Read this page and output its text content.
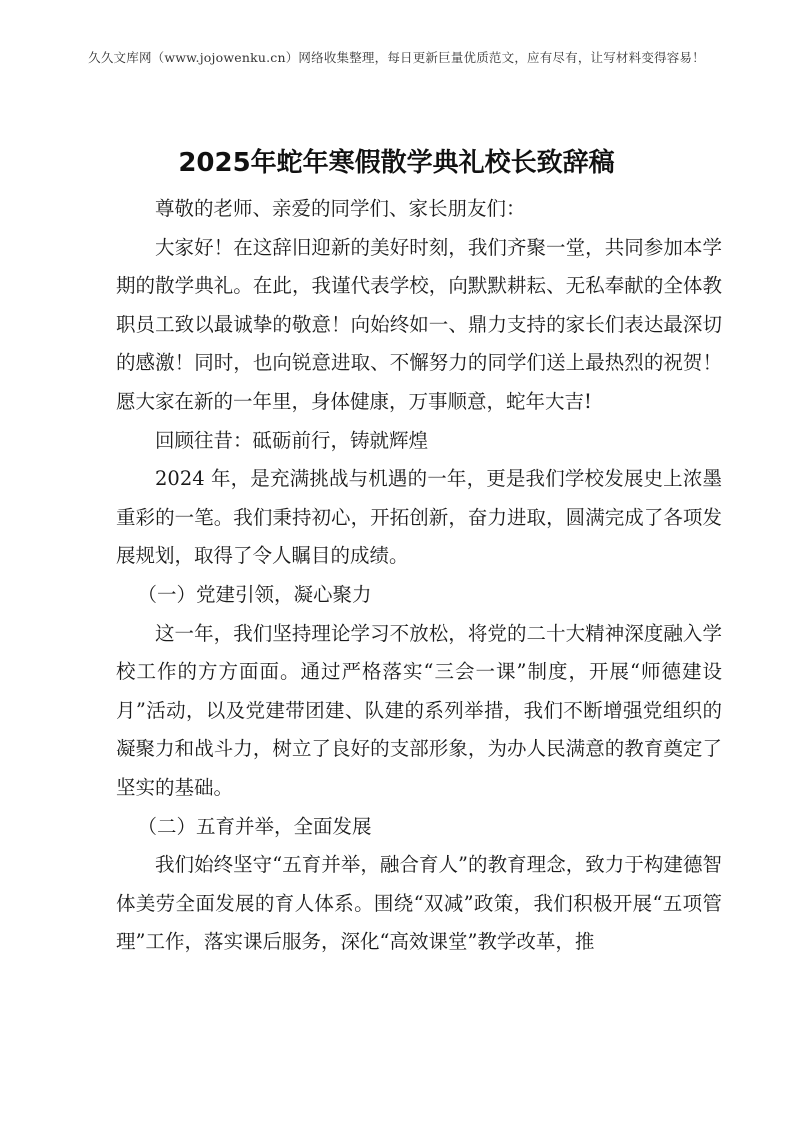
久久文库网（www.jojowenku.cn）网络收集整理，每日更新巨量优质范文，应有尽有，让写材料变得容易！
2025年蛇年寒假散学典礼校长致辞稿

尊敬的老师、亲爱的同学们、家长朋友们：

大家好！在这辞旧迎新的美好时刻，我们齐聚一堂，共同参加本学期的散学典礼。在此，我谨代表学校，向默默耕耘、无私奉献的全体教职员工致以最诚挚的敬意！向始终如一、鼎力支持的家长们表达最深切的感激！同时，也向锐意进取、不懈努力的同学们送上最热烈的祝贺！愿大家在新的一年里，身体健康，万事顺意，蛇年大吉!

回顾往昔：砥砺前行，铸就辉煌

2024 年，是充满挑战与机遇的一年，更是我们学校发展史上浓墨重彩的一笔。我们秉持初心，开拓创新，奋力进取，圆满完成了各项发展规划，取得了令人瞩目的成绩。

（一）党建引领，凝心聚力

这一年，我们坚持理论学习不放松，将党的二十大精神深度融入学校工作的方方面面。通过严格落实“三会一课”制度，开展“师德建设月”活动，以及党建带团建、队建的系列举措，我们不断增强党组织的凝聚力和战斗力，树立了良好的支部形象，为办人民满意的教育奠定了坚实的基础。

（二）五育并举，全面发展

我们始终坚守“五育并举，融合育人”的教育理念，致力于构建德智体美劳全面发展的育人体系。围绕“双减”政策，我们积极开展“五项管理”工作，落实课后服务，深化“高效课堂”教学改革，推
